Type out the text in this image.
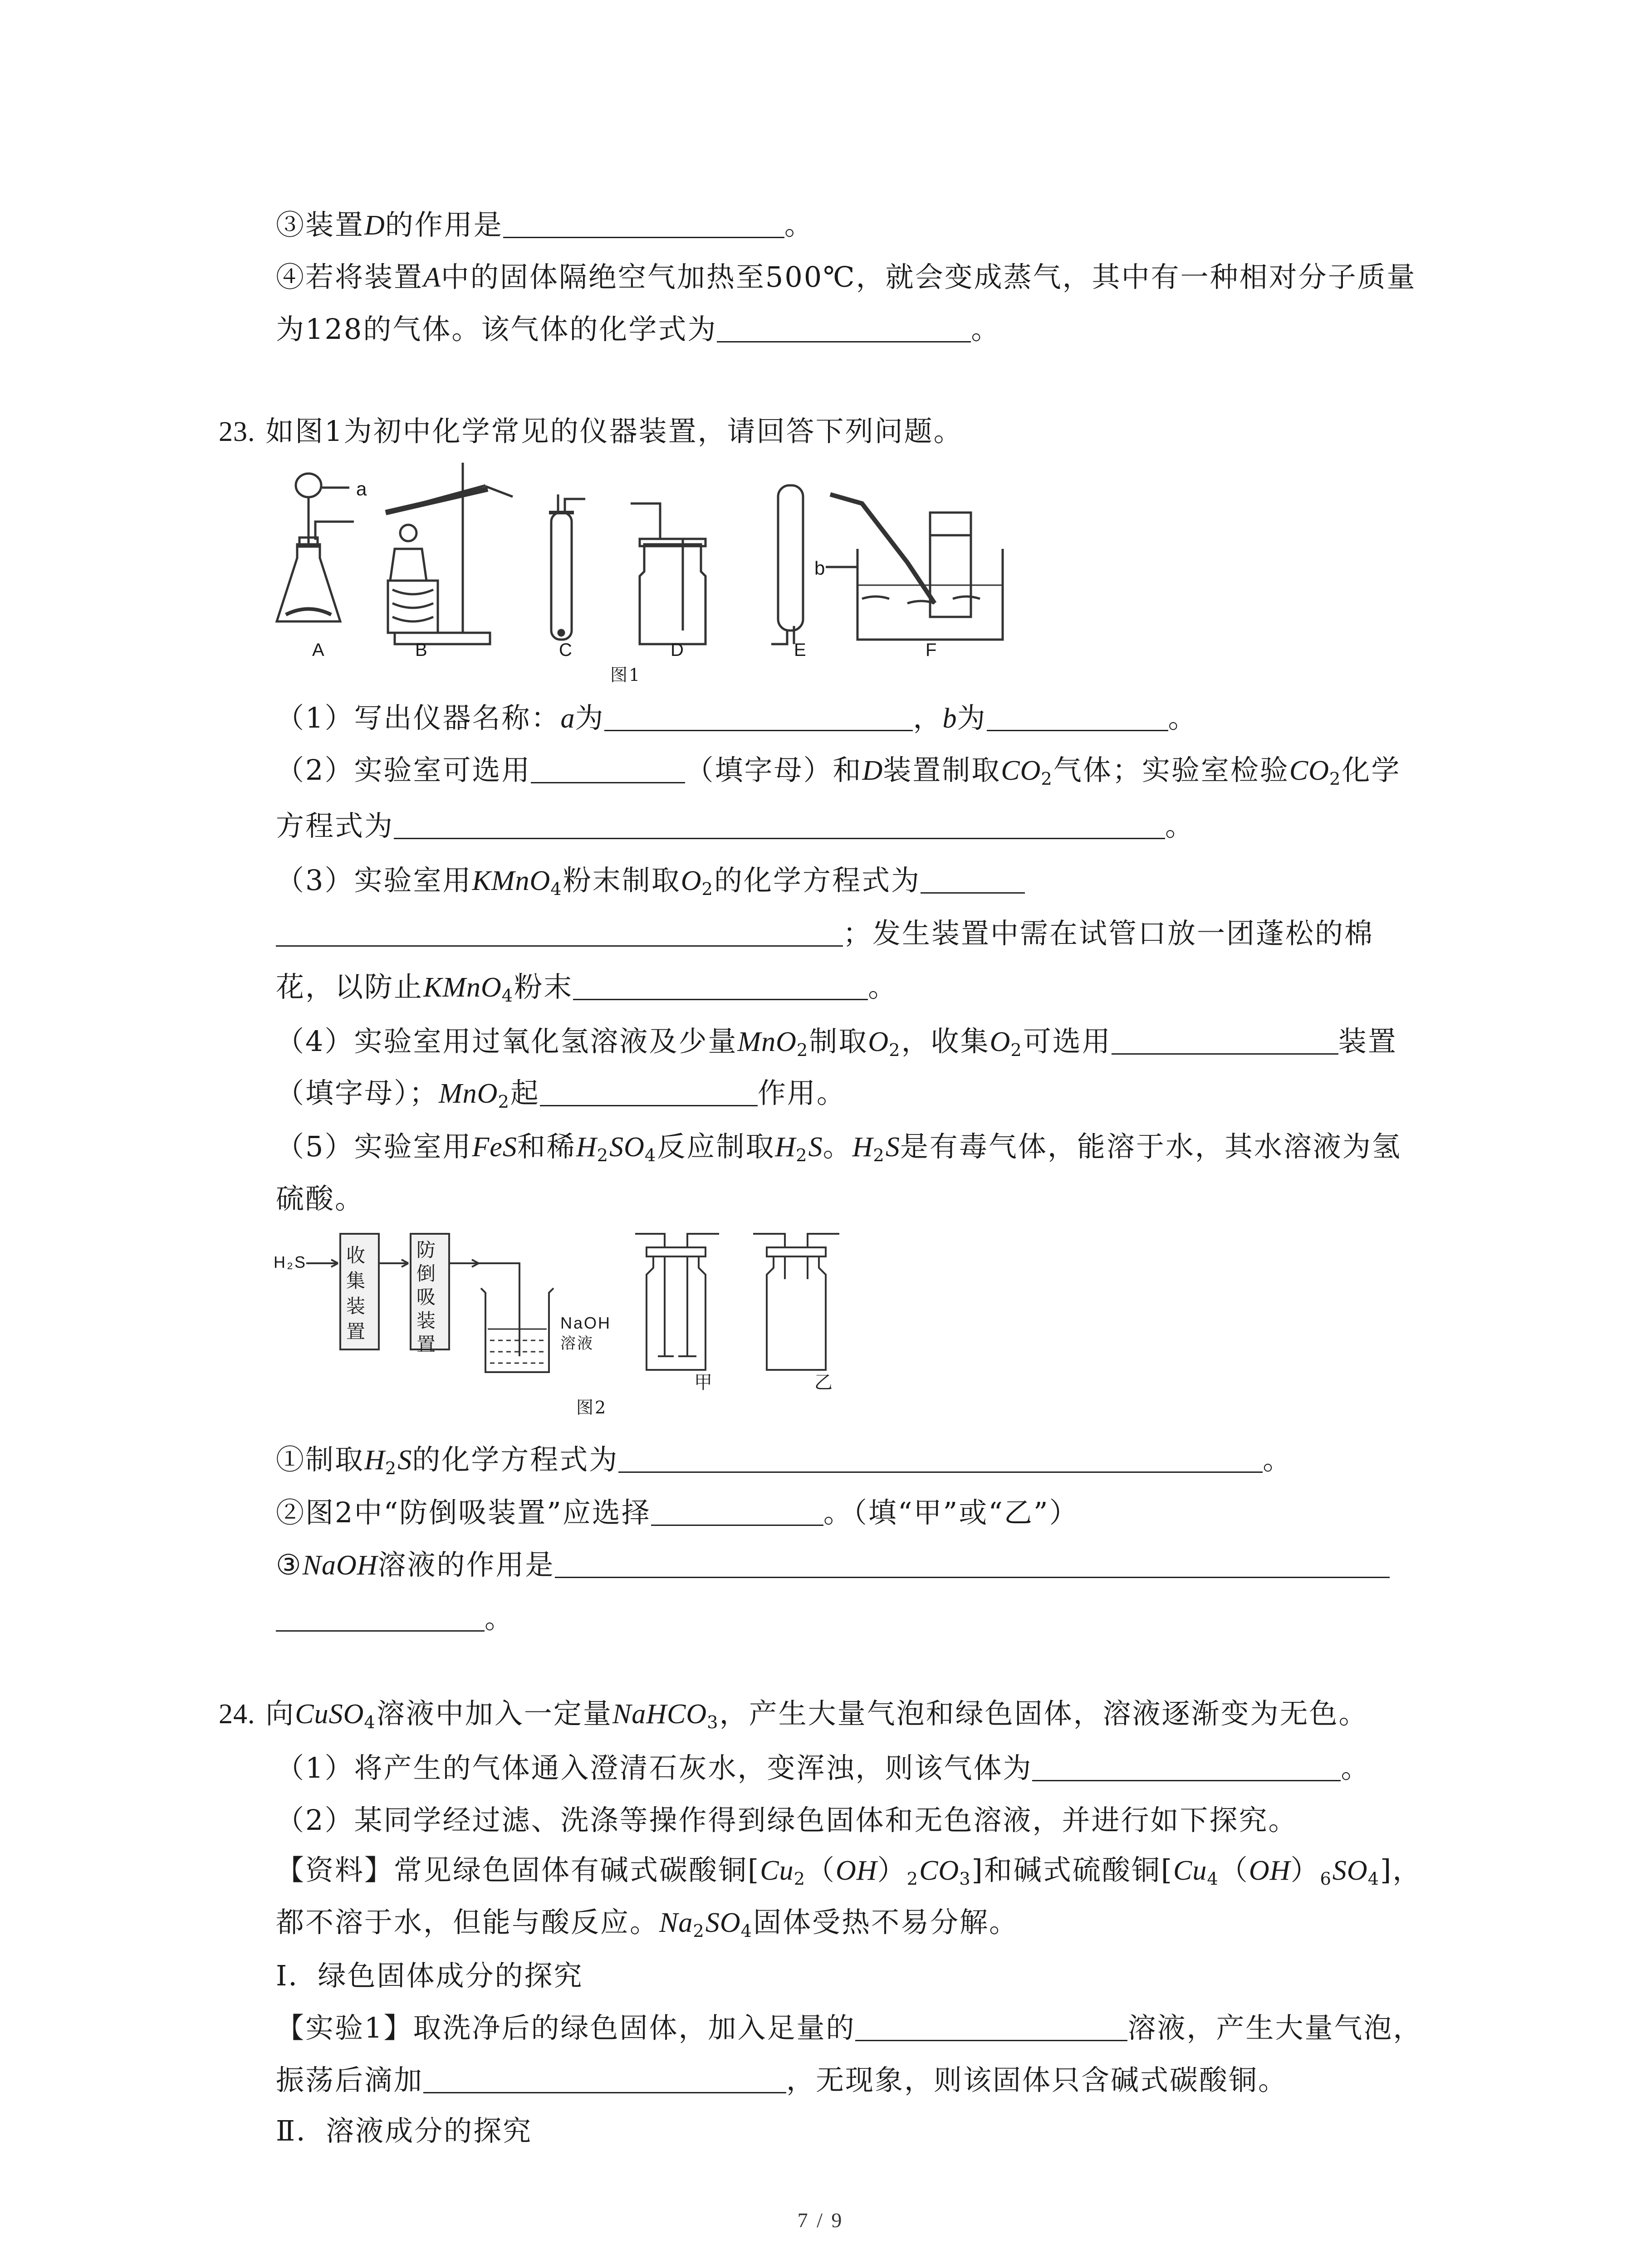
③装置D的作用是	。
④若将装置A中的固体隔绝空气加热至500℃，就会变成蒸气，其中有一种相对分子质量
为128的气体。该气体的化学式为	。
23. 如图1为初中化学常见的仪器装置，请回答下列问题。
a
b
A	B	C	D	E	F
图1
（1）写出仪器名称：a为	，b为	。
（2）实验室可选用	（填字母）和D装置制取CO2气体；实验室检验CO2化学
方程式为	。
（3）实验室用KMnO4粉末制取O2的化学方程式为
；发生装置中需在试管口放一团蓬松的棉
花，以防止KMnO4粉末	。
（4）实验室用过氧化氢溶液及少量MnO2制取O2，收集O2可选用	装置
（填字母）；MnO2起	作用。
（5）实验室用FeS和稀H2SO4反应制取H2S。H2S是有毒气体，能溶于水，其水溶液为氢
硫酸。
H₂S 收
集
装
置
防
倒
吸
装
置
NaOH
溶液
甲	乙
图2
①制取H2S的化学方程式为	。
②图2中“防倒吸装置”应选择	。（填“甲”或“乙”）
③NaOH溶液的作用是
。
24. 向CuSO4溶液中加入一定量NaHCO3，产生大量气泡和绿色固体，溶液逐渐变为无色。
（1）将产生的气体通入澄清石灰水，变浑浊，则该气体为	。
（2）某同学经过滤、洗涤等操作得到绿色固体和无色溶液，并进行如下探究。
【资料】常见绿色固体有碱式碳酸铜[Cu2（OH）2CO3]和碱式硫酸铜[Cu4（OH）6SO4]，
都不溶于水，但能与酸反应。Na2SO4固体受热不易分解。
Ⅰ．绿色固体成分的探究
【实验1】取洗净后的绿色固体，加入足量的	溶液，产生大量气泡，
振荡后滴加	，无现象，则该固体只含碱式碳酸铜。
Ⅱ．溶液成分的探究
7 / 9
